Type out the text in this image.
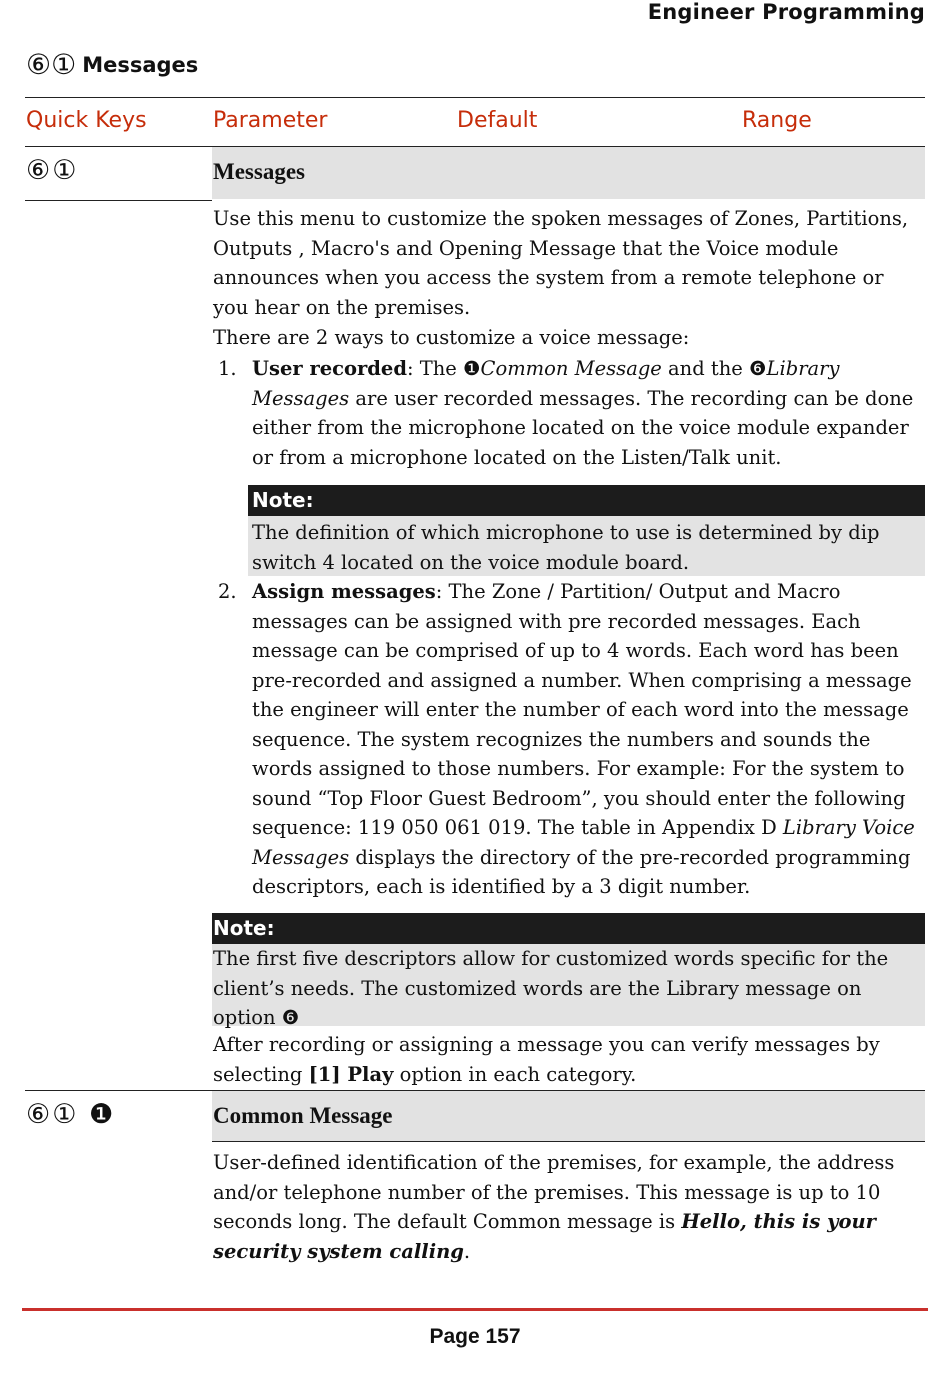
Engineer Programming
⑥① Messages
Quick Keys	Parameter	Default	Range
⑥①	Messages

Use this menu to customize the spoken messages of Zones, Partitions, Outputs , Macro's and Opening Message that the Voice module announces when you access the system from a remote telephone or you hear on the premises.

There are 2 ways to customize a voice message:

1. User recorded: The ❶Common Message and the ❻Library Messages are user recorded messages. The recording can be done either from the microphone located on the voice module expander or from a microphone located on the Listen/Talk unit.

Note:
The definition of which microphone to use is determined by dip switch 4 located on the voice module board.
2. Assign messages: The Zone / Partition/ Output and Macro messages can be assigned with pre recorded messages. Each message can be comprised of up to 4 words. Each word has been pre-recorded and assigned a number. When comprising a message the engineer will enter the number of each word into the message sequence. The system recognizes the numbers and sounds the words assigned to those numbers. For example: For the system to sound “Top Floor Guest Bedroom”, you should enter the following sequence: 119 050 061 019. The table in Appendix D Library Voice Messages displays the directory of the pre-recorded programming descriptors, each is identified by a 3 digit number.

Note:
The first five descriptors allow for customized words specific for the client’s needs. The customized words are the Library message on option ❻

After recording or assigning a message you can verify messages by selecting [1] Play option in each category.

⑥① ❶	Common Message

User-defined identification of the premises, for example, the address and/or telephone number of the premises. This message is up to 10 seconds long. The default Common message is Hello, this is your security system calling.

Page 157
